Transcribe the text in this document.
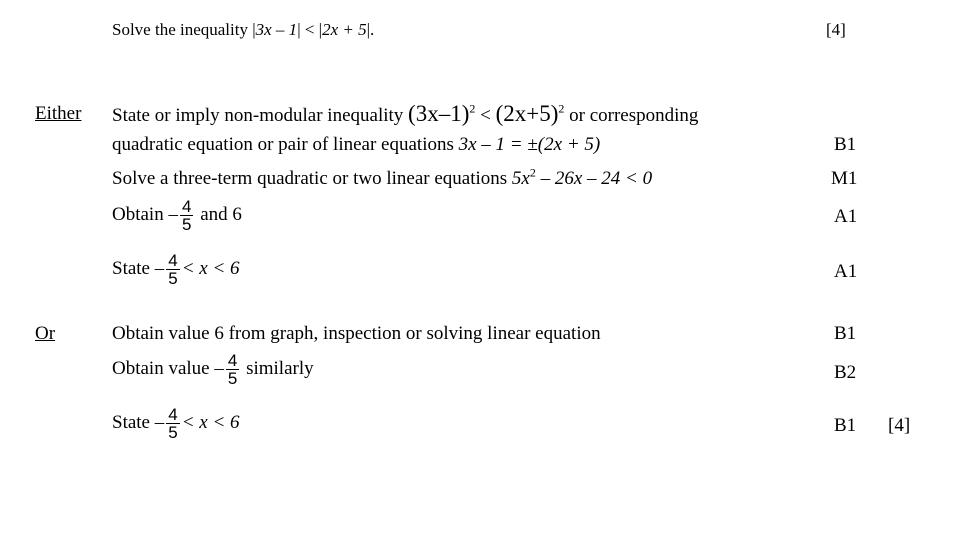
Solve the inequality |3x – 1| < |2x + 5|.	[4]
Either State or imply non-modular inequality $(3x-1)^2 < (2x+5)^2$ or corresponding
quadratic equation or pair of linear equations 3x – 1 = ±(2x + 5)	B1
Solve a three-term quadratic or two linear equations $5x^2 - 26x - 24 < 0$	M1
Obtain – $\frac{4}{5}$ and 6	A1
State – $\frac{4}{5} < x < 6$	A1
Or	Obtain value 6 from graph, inspection or solving linear equation	B1
Obtain value – $\frac{4}{5}$ similarly	B2
State – $\frac{4}{5} < x < 6$	B1 [4]
